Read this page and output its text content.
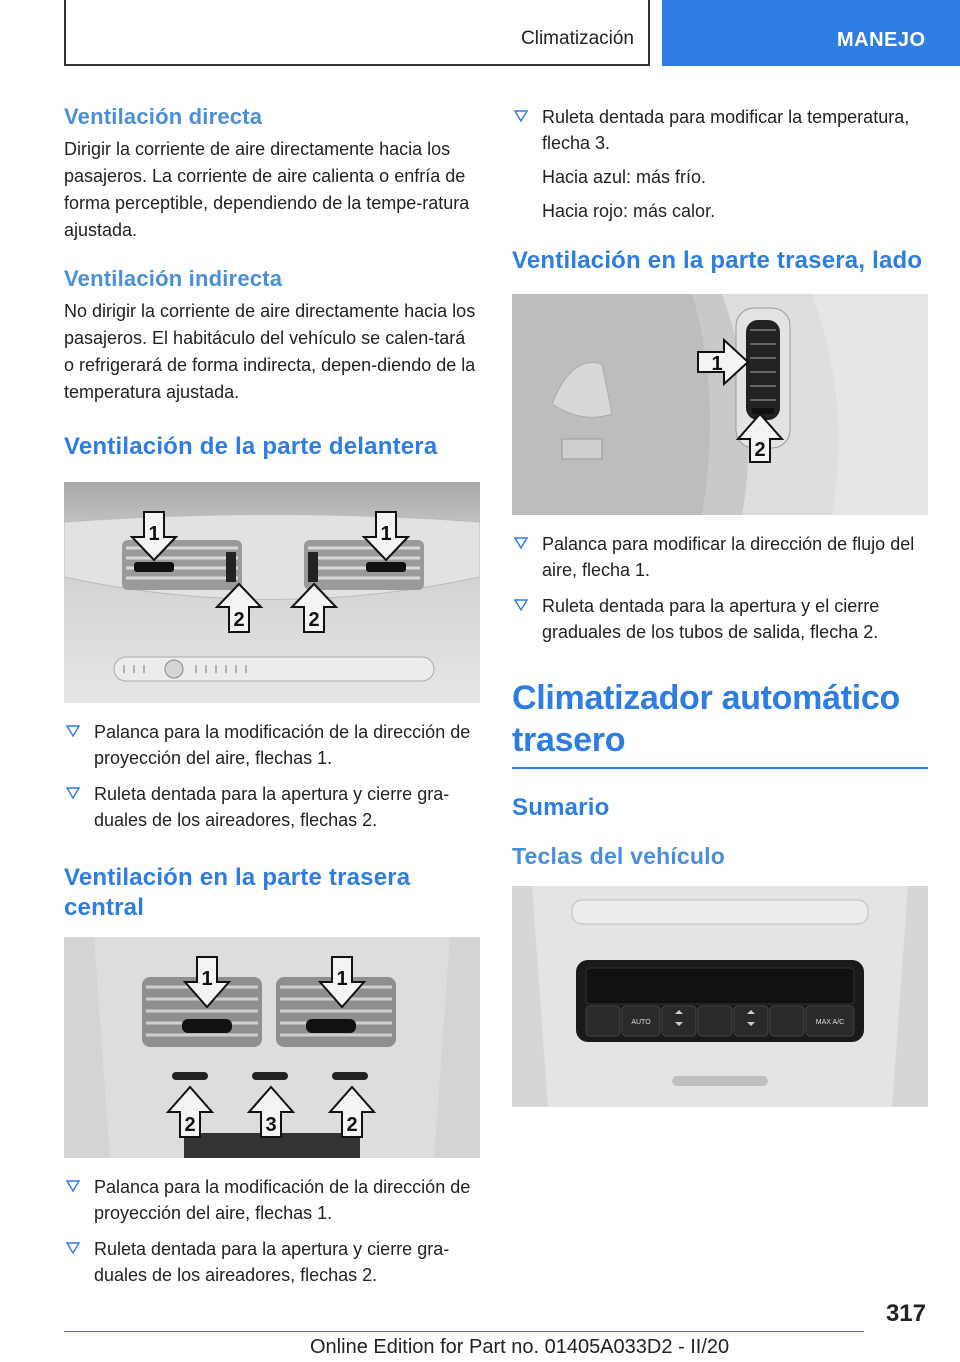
Climatización	MANEJO
Ventilación directa

Dirigir la corriente de aire directamente hacia los pasajeros. La corriente de aire calienta o enfría de forma perceptible, dependiendo de la tempe-ratura ajustada.

Ventilación indirecta

No dirigir la corriente de aire directamente hacia los pasajeros. El habitáculo del vehículo se calen-tará o refrigerará de forma indirecta, depen-diendo de la temperatura ajustada.

Ventilación de la parte delantera
1	1
2	2
Palanca para la modificación de la dirección de proyección del aire, flechas 1.
Ruleta dentada para la apertura y cierre gra-duales de los aireadores, flechas 2.
Ventilación en la parte trasera central
1	1
2	3	2
Palanca para la modificación de la dirección de proyección del aire, flechas 1.
Ruleta dentada para la apertura y cierre gra-duales de los aireadores, flechas 2.
Ruleta dentada para modificar la temperatura, flecha 3.
Hacia azul: más frío.
Hacia rojo: más calor.
Ventilación en la parte trasera, lado
1
2
Palanca para modificar la dirección de flujo del aire, flecha 1.
Ruleta dentada para la apertura y el cierre graduales de los tubos de salida, flecha 2.
Climatizador automático trasero
Sumario
Teclas del vehículo
AUTO	MAX A/C
317
Online Edition for Part no. 01405A033D2 - II/20
